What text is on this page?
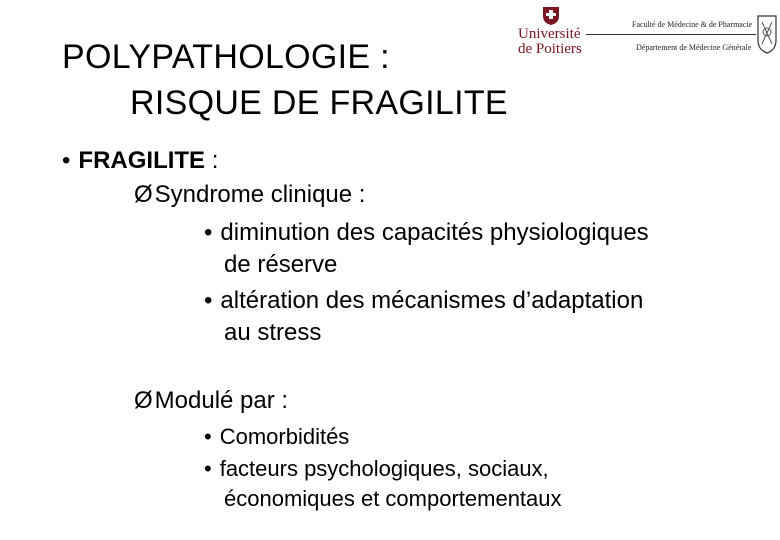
POLYPATHOLOGIE :
RISQUE DE FRAGILITE
Université
de Poitiers
Faculté de Médecine & de Pharmacie
Département de Médecine Générale
• FRAGILITE :
ØSyndrome clinique :
• diminution des capacités physiologiques
de réserve
• altération des mécanismes d’adaptation
au stress
ØModulé par :
• Comorbidités
• facteurs psychologiques, sociaux,
économiques et comportementaux
